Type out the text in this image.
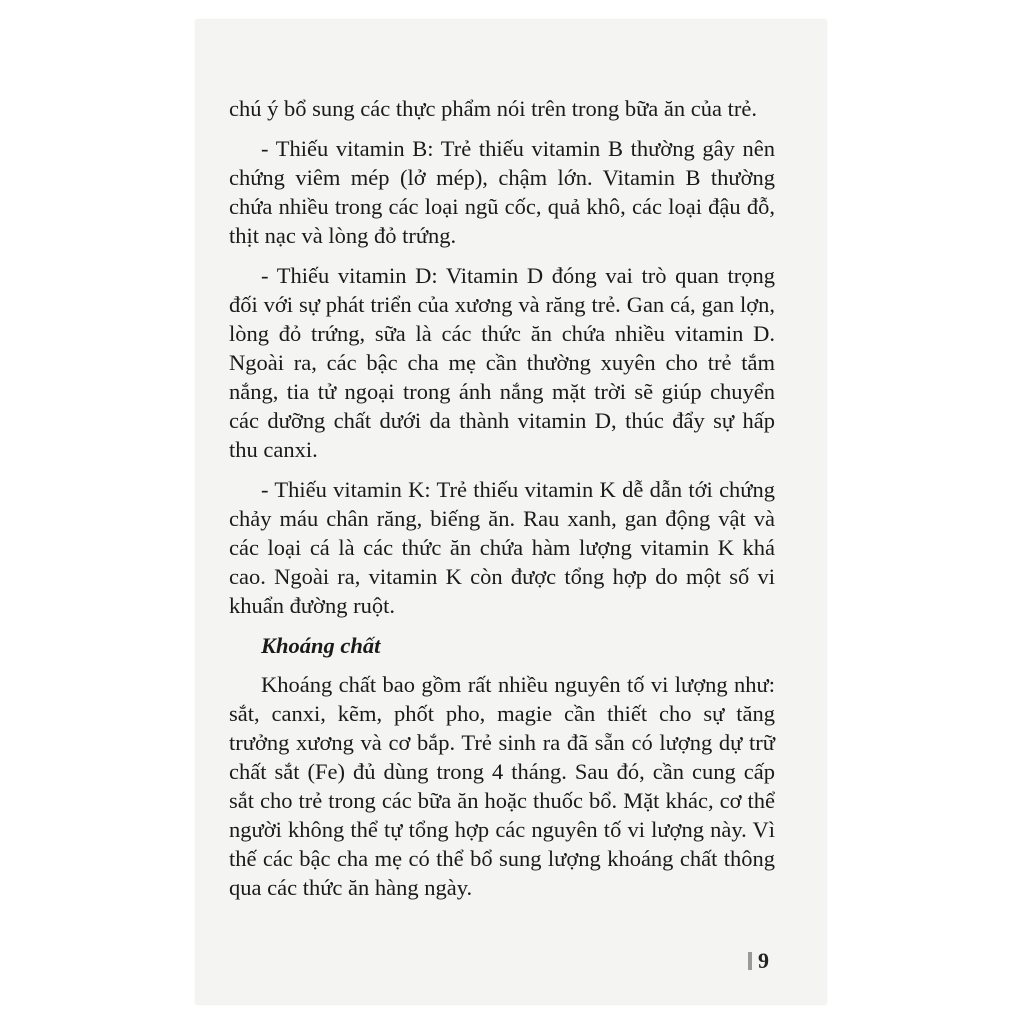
chú ý bổ sung các thực phẩm nói trên trong bữa ăn của trẻ.

- Thiếu vitamin B: Trẻ thiếu vitamin B thường gây nên chứng viêm mép (lở mép), chậm lớn. Vitamin B thường chứa nhiều trong các loại ngũ cốc, quả khô, các loại đậu đỗ, thịt nạc và lòng đỏ trứng.

- Thiếu vitamin D: Vitamin D đóng vai trò quan trọng đối với sự phát triển của xương và răng trẻ. Gan cá, gan lợn, lòng đỏ trứng, sữa là các thức ăn chứa nhiều vitamin D. Ngoài ra, các bậc cha mẹ cần thường xuyên cho trẻ tắm nắng, tia tử ngoại trong ánh nắng mặt trời sẽ giúp chuyển các dưỡng chất dưới da thành vitamin D, thúc đẩy sự hấp thu canxi.

- Thiếu vitamin K: Trẻ thiếu vitamin K dễ dẫn tới chứng chảy máu chân răng, biếng ăn. Rau xanh, gan động vật và các loại cá là các thức ăn chứa hàm lượng vitamin K khá cao. Ngoài ra, vitamin K còn được tổng hợp do một số vi khuẩn đường ruột.

Khoáng chất

Khoáng chất bao gồm rất nhiều nguyên tố vi lượng như: sắt, canxi, kẽm, phốt pho, magie cần thiết cho sự tăng trưởng xương và cơ bắp. Trẻ sinh ra đã sẵn có lượng dự trữ chất sắt (Fe) đủ dùng trong 4 tháng. Sau đó, cần cung cấp sắt cho trẻ trong các bữa ăn hoặc thuốc bổ. Mặt khác, cơ thể người không thể tự tổng hợp các nguyên tố vi lượng này. Vì thế các bậc cha mẹ có thể bổ sung lượng khoáng chất thông qua các thức ăn hàng ngày.

9
